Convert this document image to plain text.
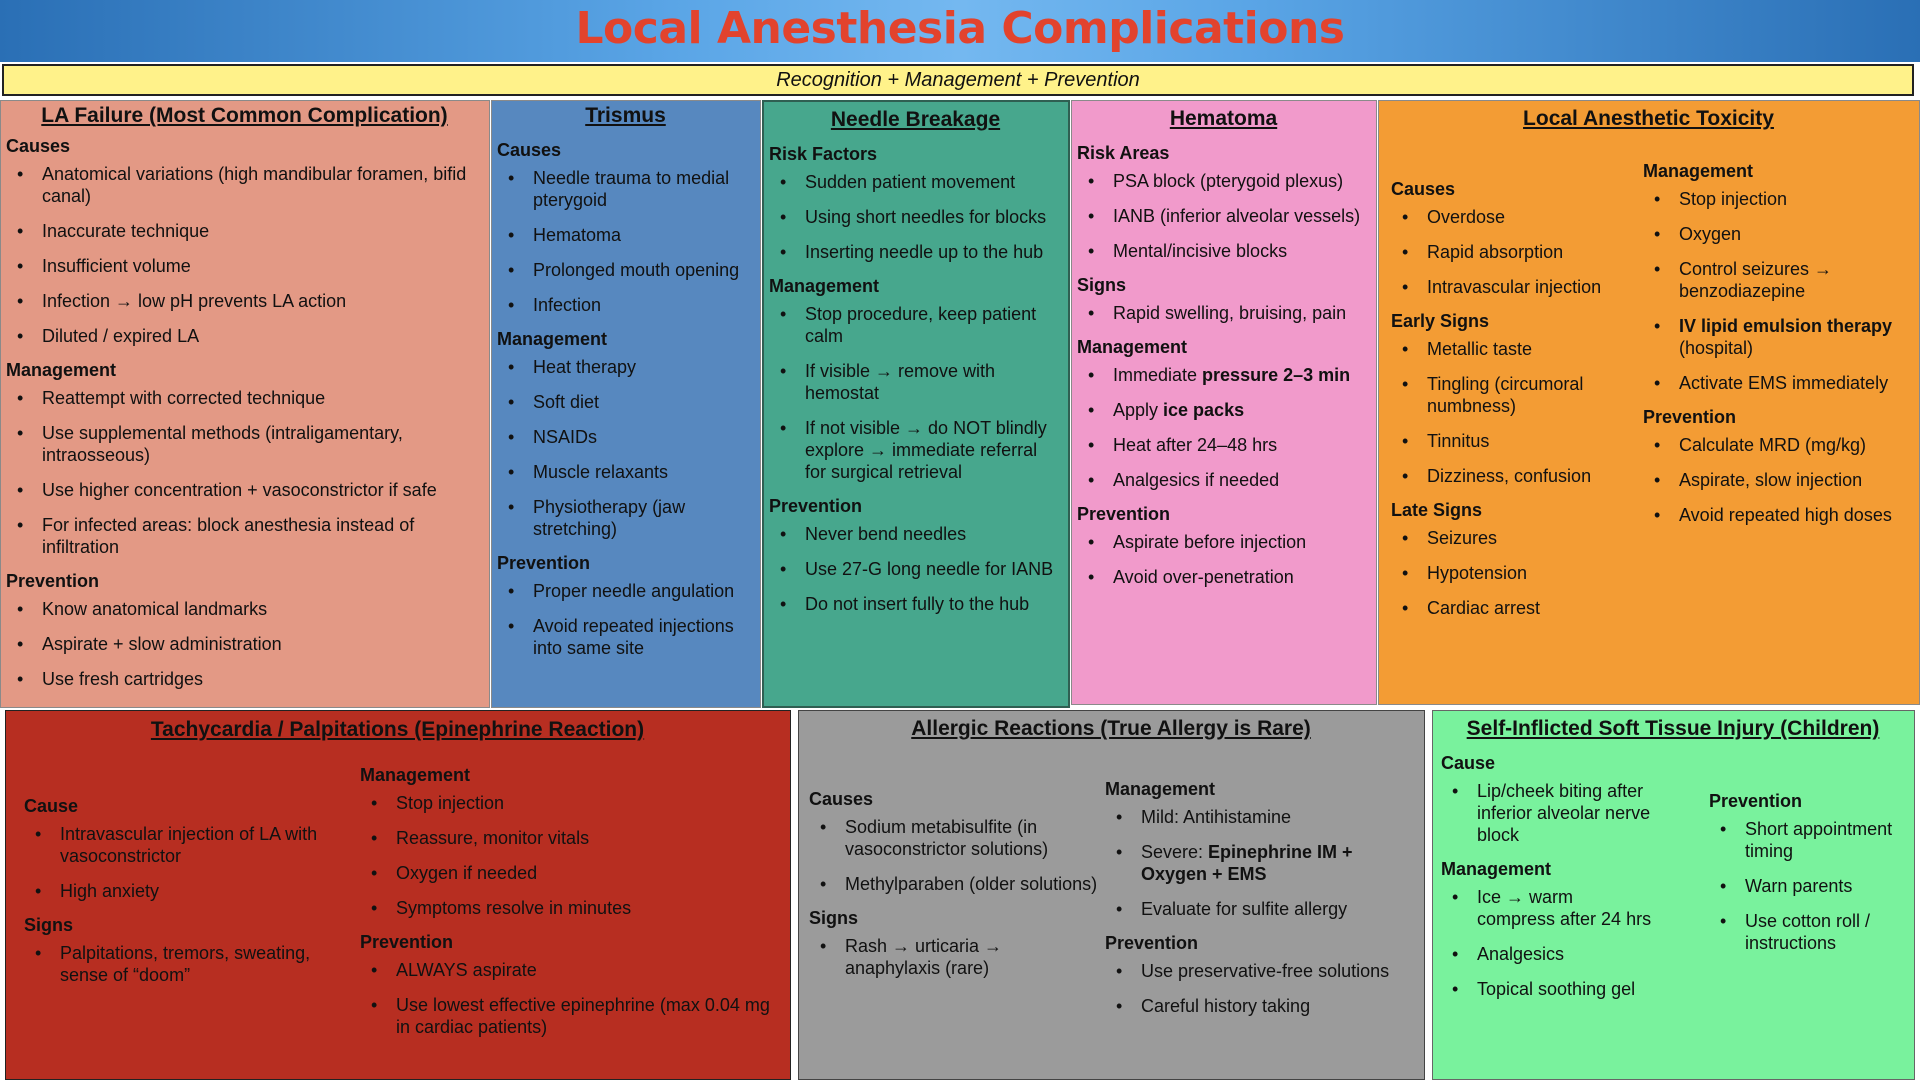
Local Anesthesia Complications
Recognition + Management + Prevention
LA Failure (Most Common Complication)
Causes
• Anatomical variations (high mandibular foramen, bifid canal)
• Inaccurate technique
• Insufficient volume
• Infection → low pH prevents LA action
• Diluted / expired LA
Management
• Reattempt with corrected technique
• Use supplemental methods (intraligamentary, intraosseous)
• Use higher concentration + vasoconstrictor if safe
• For infected areas: block anesthesia instead of infiltration
Prevention
• Know anatomical landmarks
• Aspirate + slow administration
• Use fresh cartridges
Trismus
Causes
• Needle trauma to medial pterygoid
• Hematoma
• Prolonged mouth opening
• Infection
Management
• Heat therapy
• Soft diet
• NSAIDs
• Muscle relaxants
• Physiotherapy (jaw stretching)
Prevention
• Proper needle angulation
• Avoid repeated injections into same site
Needle Breakage
Risk Factors
• Sudden patient movement
• Using short needles for blocks
• Inserting needle up to the hub
Management
• Stop procedure, keep patient calm
• If visible → remove with hemostat
• If not visible → do NOT blindly explore → immediate referral for surgical retrieval
Prevention
• Never bend needles
• Use 27-G long needle for IANB
• Do not insert fully to the hub
Hematoma
Risk Areas
• PSA block (pterygoid plexus)
• IANB (inferior alveolar vessels)
• Mental/incisive blocks
Signs
• Rapid swelling, bruising, pain
Management
• Immediate pressure 2–3 min
• Apply ice packs
• Heat after 24–48 hrs
• Analgesics if needed
Prevention
• Aspirate before injection
• Avoid over-penetration
Local Anesthetic Toxicity
Causes
• Overdose
• Rapid absorption
• Intravascular injection
Early Signs
• Metallic taste
• Tingling (circumoral numbness)
• Tinnitus
• Dizziness, confusion
Late Signs
• Seizures
• Hypotension
• Cardiac arrest
Management
• Stop injection
• Oxygen
• Control seizures → benzodiazepine
• IV lipid emulsion therapy (hospital)
• Activate EMS immediately
Prevention
• Calculate MRD (mg/kg)
• Aspirate, slow injection
• Avoid repeated high doses
Tachycardia / Palpitations (Epinephrine Reaction)
Cause
• Intravascular injection of LA with vasoconstrictor
• High anxiety
Signs
• Palpitations, tremors, sweating, sense of “doom”
Management
• Stop injection
• Reassure, monitor vitals
• Oxygen if needed
• Symptoms resolve in minutes
Prevention
• ALWAYS aspirate
• Use lowest effective epinephrine (max 0.04 mg in cardiac patients)
Allergic Reactions (True Allergy is Rare)
Causes
• Sodium metabisulfite (in vasoconstrictor solutions)
• Methylparaben (older solutions)
Signs
• Rash → urticaria → anaphylaxis (rare)
Management
• Mild: Antihistamine
• Severe: Epinephrine IM + Oxygen + EMS
• Evaluate for sulfite allergy
Prevention
• Use preservative-free solutions
• Careful history taking
Self-Inflicted Soft Tissue Injury (Children)
Cause
• Lip/cheek biting after inferior alveolar nerve block
Management
• Ice → warm compress after 24 hrs
• Analgesics
• Topical soothing gel
Prevention
• Short appointment timing
• Warn parents
• Use cotton roll / instructions
